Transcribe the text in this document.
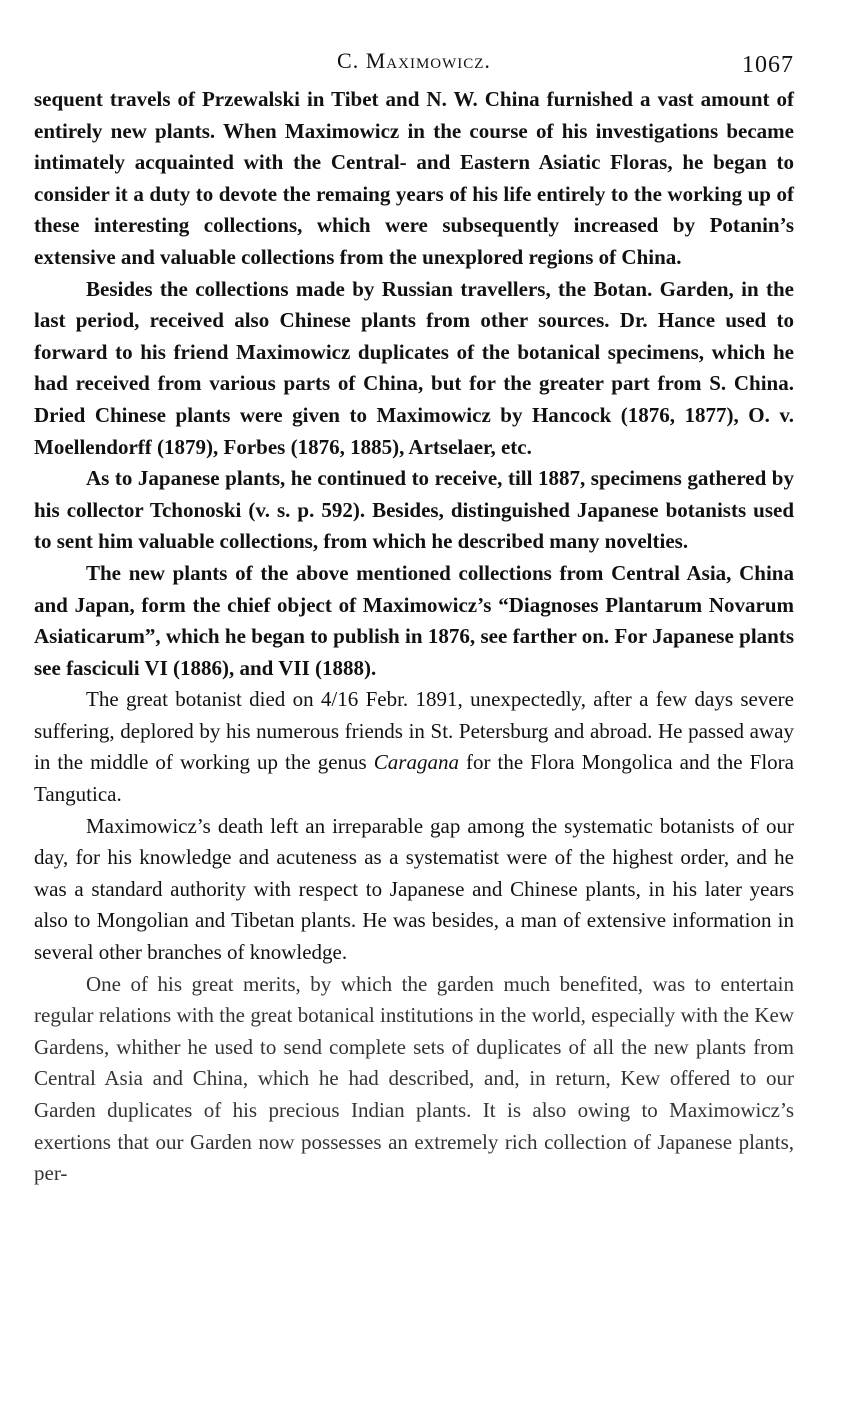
C. Maximowicz.	1067

sequent travels of Przewalski in Tibet and N. W. China furnished a vast amount of entirely new plants. When Maximowicz in the course of his investigations became intimately acquainted with the Central- and Eastern Asiatic Floras, he began to consider it a duty to devote the remaing years of his life entirely to the working up of these interesting collections, which were subsequently increased by Potanin’s extensive and valuable collections from the unexplored regions of China.

Besides the collections made by Russian travellers, the Botan. Garden, in the last period, received also Chinese plants from other sources. Dr. Hance used to forward to his friend Maximowicz duplicates of the botanical specimens, which he had received from various parts of China, but for the greater part from S. China. Dried Chinese plants were given to Maximowicz by Hancock (1876, 1877), O. v. Moellendorff (1879), Forbes (1876, 1885), Artselaer, etc.

As to Japanese plants, he continued to receive, till 1887, specimens gathered by his collector Tchonoski (v. s. p. 592). Besides, distinguished Japanese botanists used to sent him valuable collections, from which he described many novelties.

The new plants of the above mentioned collections from Central Asia, China and Japan, form the chief object of Maximowicz’s “Diagnoses Plantarum Novarum Asiaticarum”, which he began to publish in 1876, see farther on. For Japanese plants see fasciculi VI (1886), and VII (1888).

The great botanist died on 4/16 Febr. 1891, unexpectedly, after a few days severe suffering, deplored by his numerous friends in St. Petersburg and abroad. He passed away in the middle of working up the genus Caragana for the Flora Mongolica and the Flora Tangutica.

Maximowicz’s death left an irreparable gap among the systematic botanists of our day, for his knowledge and acuteness as a systematist were of the highest order, and he was a standard authority with respect to Japanese and Chinese plants, in his later years also to Mongolian and Tibetan plants. He was besides, a man of extensive information in several other branches of knowledge.

One of his great merits, by which the garden much benefited, was to entertain regular relations with the great botanical institutions in the world, especially with the Kew Gardens, whither he used to send complete sets of duplicates of all the new plants from Central Asia and China, which he had described, and, in return, Kew offered to our Garden duplicates of his precious Indian plants. It is also owing to Maximowicz’s exertions that our Garden now possesses an extremely rich collection of Japanese plants, per-
